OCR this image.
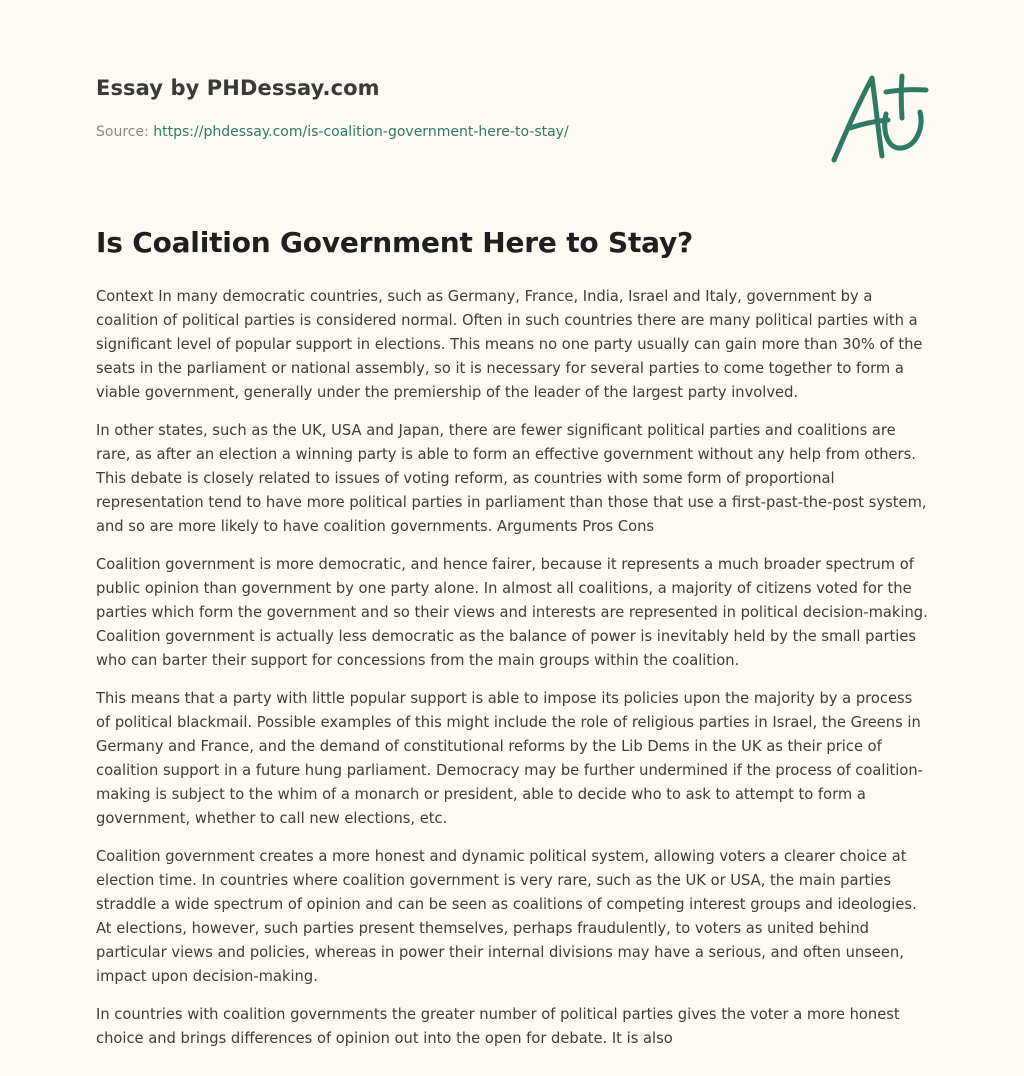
Essay by PHDessay.com
Source: https://phdessay.com/is-coalition-government-here-to-stay/
Is Coalition Government Here to Stay?

Context In many democratic countries, such as Germany, France, India, Israel and Italy, government by a coalition of political parties is considered normal. Often in such countries there are many political parties with a significant level of popular support in elections. This means no one party usually can gain more than 30% of the seats in the parliament or national assembly, so it is necessary for several parties to come together to form a viable government, generally under the premiership of the leader of the largest party involved.

In other states, such as the UK, USA and Japan, there are fewer significant political parties and coalitions are rare, as after an election a winning party is able to form an effective government without any help from others. This debate is closely related to issues of voting reform, as countries with some form of proportional representation tend to have more political parties in parliament than those that use a first-past-the-post system, and so are more likely to have coalition governments. Arguments Pros Cons

Coalition government is more democratic, and hence fairer, because it represents a much broader spectrum of public opinion than government by one party alone. In almost all coalitions, a majority of citizens voted for the parties which form the government and so their views and interests are represented in political decision-making. Coalition government is actually less democratic as the balance of power is inevitably held by the small parties who can barter their support for concessions from the main groups within the coalition.

This means that a party with little popular support is able to impose its policies upon the majority by a process of political blackmail. Possible examples of this might include the role of religious parties in Israel, the Greens in Germany and France, and the demand of constitutional reforms by the Lib Dems in the UK as their price of coalition support in a future hung parliament. Democracy may be further undermined if the process of coalition-making is subject to the whim of a monarch or president, able to decide who to ask to attempt to form a government, whether to call new elections, etc.

Coalition government creates a more honest and dynamic political system, allowing voters a clearer choice at election time. In countries where coalition government is very rare, such as the UK or USA, the main parties straddle a wide spectrum of opinion and can be seen as coalitions of competing interest groups and ideologies. At elections, however, such parties present themselves, perhaps fraudulently, to voters as united behind particular views and policies, whereas in power their internal divisions may have a serious, and often unseen, impact upon decision-making.

In countries with coalition governments the greater number of political parties gives the voter a more honest choice and brings differences of opinion out into the open for debate. It is also
